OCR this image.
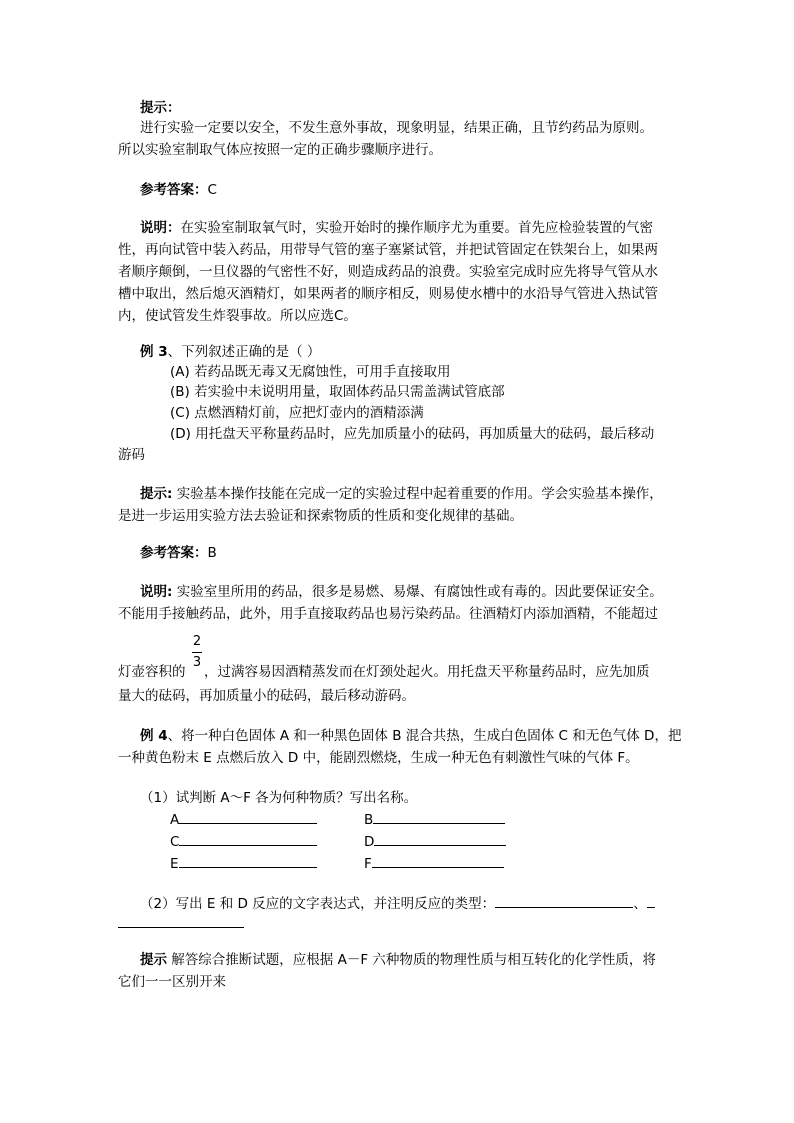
提示：
进行实验一定要以安全，不发生意外事故，现象明显，结果正确，且节约药品为原则。
所以实验室制取气体应按照一定的正确步骤顺序进行。
参考答案：C
说明：在实验室制取氧气时，实验开始时的操作顺序尤为重要。首先应检验装置的气密
性，再向试管中装入药品，用带导气管的塞子塞紧试管，并把试管固定在铁架台上，如果两
者顺序颠倒，一旦仪器的气密性不好，则造成药品的浪费。实验室完成时应先将导气管从水
槽中取出，然后熄灭酒精灯，如果两者的顺序相反，则易使水槽中的水沿导气管进入热试管
内，使试管发生炸裂事故。所以应选C。
例 3、下列叙述正确的是（ ）
(A) 若药品既无毒又无腐蚀性，可用手直接取用
(B) 若实验中未说明用量，取固体药品只需盖满试管底部
(C) 点燃酒精灯前，应把灯壶内的酒精添满
(D) 用托盘天平称量药品时，应先加质量小的砝码，再加质量大的砝码，最后移动
游码
提示: 实验基本操作技能在完成一定的实验过程中起着重要的作用。学会实验基本操作，
是进一步运用实验方法去验证和探索物质的性质和变化规律的基础。
参考答案：B
说明: 实验室里所用的药品，很多是易燃、易爆、有腐蚀性或有毒的。因此要保证安全。
不能用手接触药品，此外，用手直接取药品也易污染药品。往酒精灯内添加酒精，不能超过
2
3
灯壶容积的 ，过满容易因酒精蒸发而在灯颈处起火。用托盘天平称量药品时，应先加质
量大的砝码，再加质量小的砝码，最后移动游码。
例 4、将一种白色固体 A 和一种黑色固体 B 混合共热，生成白色固体 C 和无色气体 D，把
一种黄色粉末 E 点燃后放入 D 中，能剧烈燃烧，生成一种无色有刺激性气味的气体 F。
（1）试判断 A～F 各为何种物质？写出名称。
A	B
C	D
E	F
（2）写出 E 和 D 反应的文字表达式，并注明反应的类型：	、
提示 解答综合推断试题，应根据 A－F 六种物质的物理性质与相互转化的化学性质，将
它们一一区别开来
